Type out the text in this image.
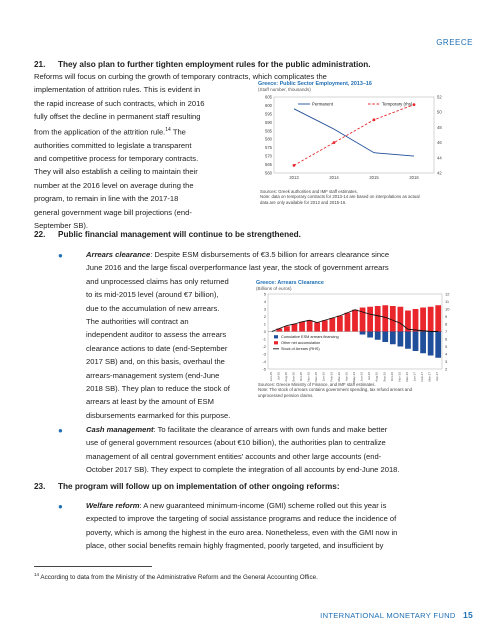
GREECE
21. They also plan to further tighten employment rules for the public administration.
Reforms will focus on curbing the growth of temporary contracts, which complicates the
implementation of attrition rules. This is evident in
the rapid increase of such contracts, which in 2016
fully offset the decline in permanent staff resulting
from the application of the attrition rule.$^{14}$ The
authorities committed to legislate a transparent
and competitive process for temporary contracts.
They will also establish a ceiling to maintain their
number at the 2016 level on average during the
program, to remain in line with the 2017-18
general government wage bill projections (end-
September SB).
Greece: Public Sector Employment, 2013–16
(Staff number, thousands)
560
565
570
575
580
585
590
595
600
605
42
44
46
48
50
52
2013	2014	2015	2016
Permanent	Temporary (rhs)
Sources: Greek authorities and IMF staff estimates.
Note: data on temporary contracts for 2013-14 are based on interpolations as actual
data are only available for 2012 and 2015-16.
22. Public financial management will continue to be strengthened.
●	Arrears clearance: Despite ESM disbursements of €3.5 billion for arrears clearance since
June 2016 and the large fiscal overperformance last year, the stock of government arrears
and unprocessed claims has only returned
to its mid-2015 level (around €7 billion),
due to the accumulation of new arrears.
The authorities will contract an
independent auditor to assess the arrears
clearance actions to date (end-September
2017 SB) and, on this basis, overhaul the
arrears-management system (end-June
2018 SB). They plan to reduce the stock of
arrears at least by the amount of ESM
disbursements earmarked for this purpose.
Greece: Arrears Clearance
(Billions of euros)
-5
-4
-3
-2
-1
0
1
2
3
4
5
2
3
4
5
6
7
8
9
10
11
12
Jun-15 Jul-15 Aug-15 Sep-15 Oct-15 Nov-15 Dec-15 Jan-16 Feb-16 Mar-16 Apr-16 May-16 Jun-16 Jul-16 Aug-16 Sep-16 Oct-16 Nov-16 Dec-16 Jan-17 Feb-17 Mar-17 Apr-17
Cumulative ESM arrears financing
Other net accumulation
Stock of Arrears (RHS)
Sources: Greece Ministry of Finance, and IMF staff estimates.
Note: The stock of arrears contains government spending, tax refund arrears and
unprocessed pension claims.
●	Cash management: To facilitate the clearance of arrears with own funds and make better
use of general government resources (about €10 billion), the authorities plan to centralize
management of all central government entities’ accounts and other large accounts (end-
October 2017 SB). They expect to complete the integration of all accounts by end-June 2018.
23. The program will follow up on implementation of other ongoing reforms:
●	Welfare reform: A new guaranteed minimum-income (GMI) scheme rolled out this year is
expected to improve the targeting of social assistance programs and reduce the incidence of
poverty, which is among the highest in the euro area. Nonetheless, even with the GMI now in
place, other social benefits remain highly fragmented, poorly targeted, and insufficient by
$^{14}$ According to data from the Ministry of the Administrative Reform and the General Accounting Office.
INTERNATIONAL MONETARY FUND 15
